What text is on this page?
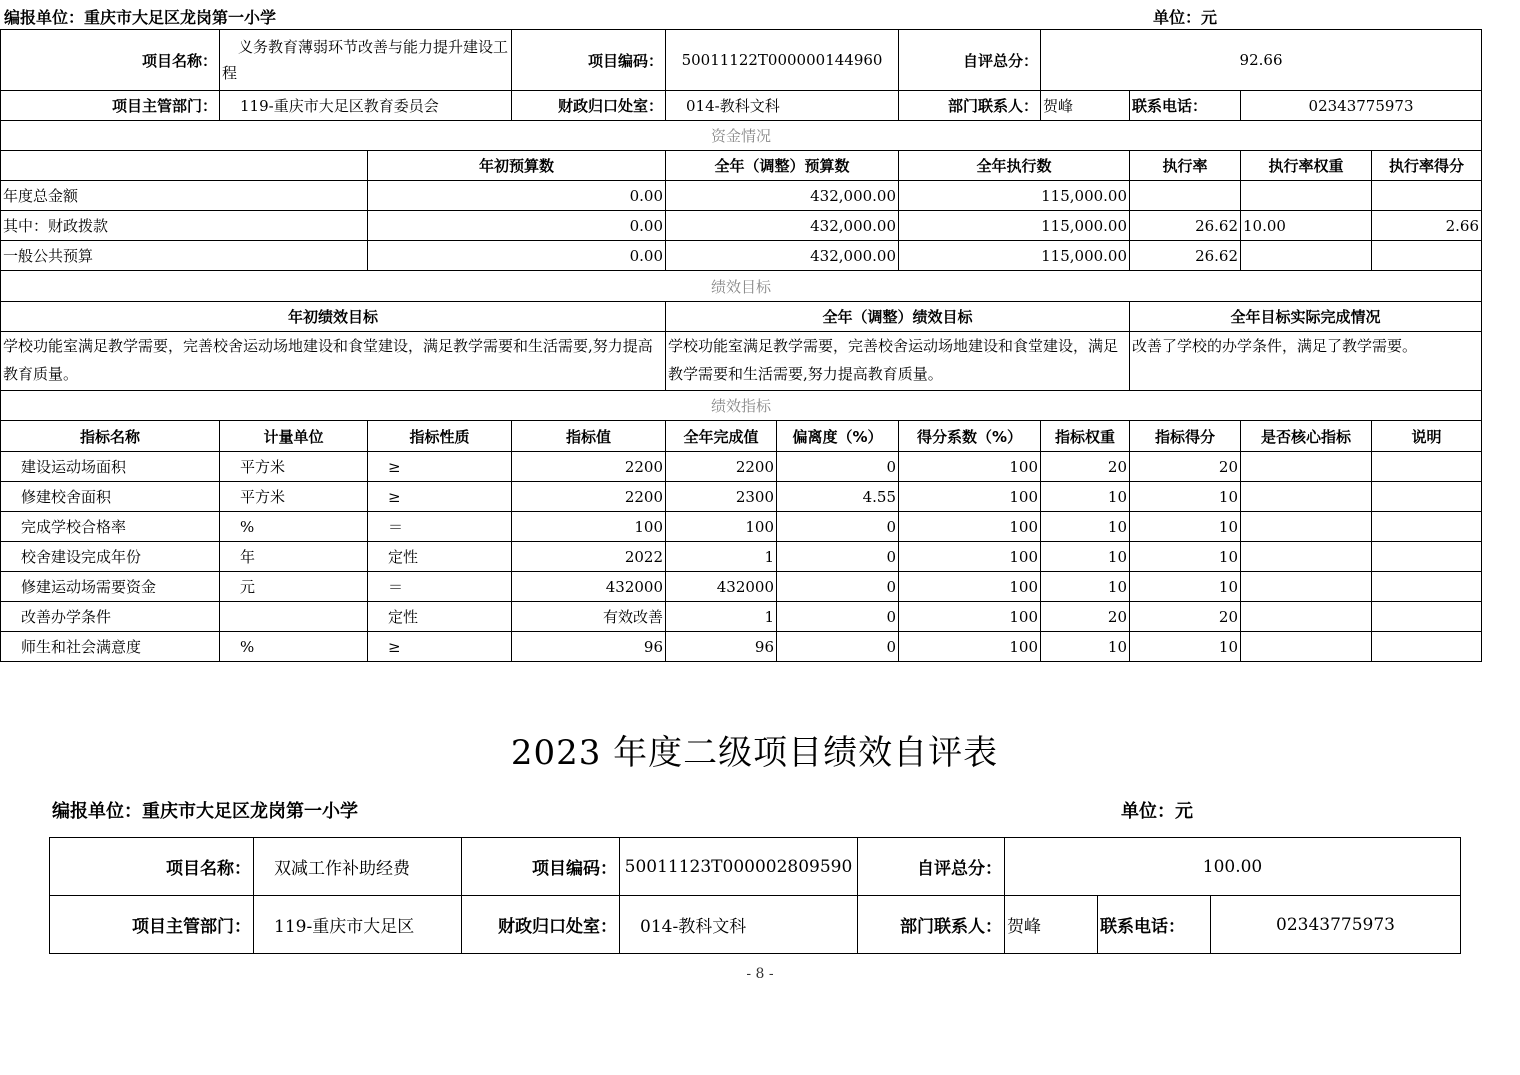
编报单位：重庆市大足区龙岗第一小学	单位：元
项目名称：	义务教育薄弱环节改善与能力提升建设工程		项目编码：	50011122T000000144960		自评总分：	92.66			
项目主管部门：	119-重庆市大足区教育委员会		财政归口处室：	014-教科文科		部门联系人：	贺峰	联系电话：	02343775973	
资金情况										
		年初预算数		全年（调整）预算数		全年执行数		执行率	执行率权重	执行率得分
年度总金额		0.00		432,000.00		115,000.00				
其中：财政拨款		0.00		432,000.00		115,000.00		26.62	10.00	2.66
一般公共预算		0.00		432,000.00		115,000.00		26.62		
绩效目标										
年初绩效目标				全年（调整）绩效目标				全年目标实际完成情况		
学校功能室满足教学需要，完善校舍运动场地建设和食堂建设，满足教学需要和生活需要,努力提高教育质量。				学校功能室满足教学需要，完善校舍运动场地建设和食堂建设，满足教学需要和生活需要,努力提高教育质量。				改善了学校的办学条件，满足了教学需要。		
绩效指标										
指标名称	计量单位	指标性质	指标值	全年完成值	偏离度（%）	得分系数（%）	指标权重	指标得分	是否核心指标	说明
建设运动场面积	平方米	≥	2200	2200	0	100	20	20		
修建校舍面积	平方米	≥	2200	2300	4.55	100	10	10		
完成学校合格率	%	＝	100	100	0	100	10	10		
校舍建设完成年份	年	定性	2022	1	0	100	10	10		
修建运动场需要资金	元	＝	432000	432000	0	100	10	10		
改善办学条件		定性	有效改善	1	0	100	20	20		
师生和社会满意度	%	≥	96	96	0	100	10	10		
2023 年度二级项目绩效自评表
编报单位：重庆市大足区龙岗第一小学	单位：元
项目名称：	双减工作补助经费	项目编码：	50011123T000002809590	自评总分：	100.00		
项目主管部门：	119-重庆市大足区	财政归口处室：	014-教科文科	部门联系人：	贺峰	联系电话：	02343775973
- 8 -
